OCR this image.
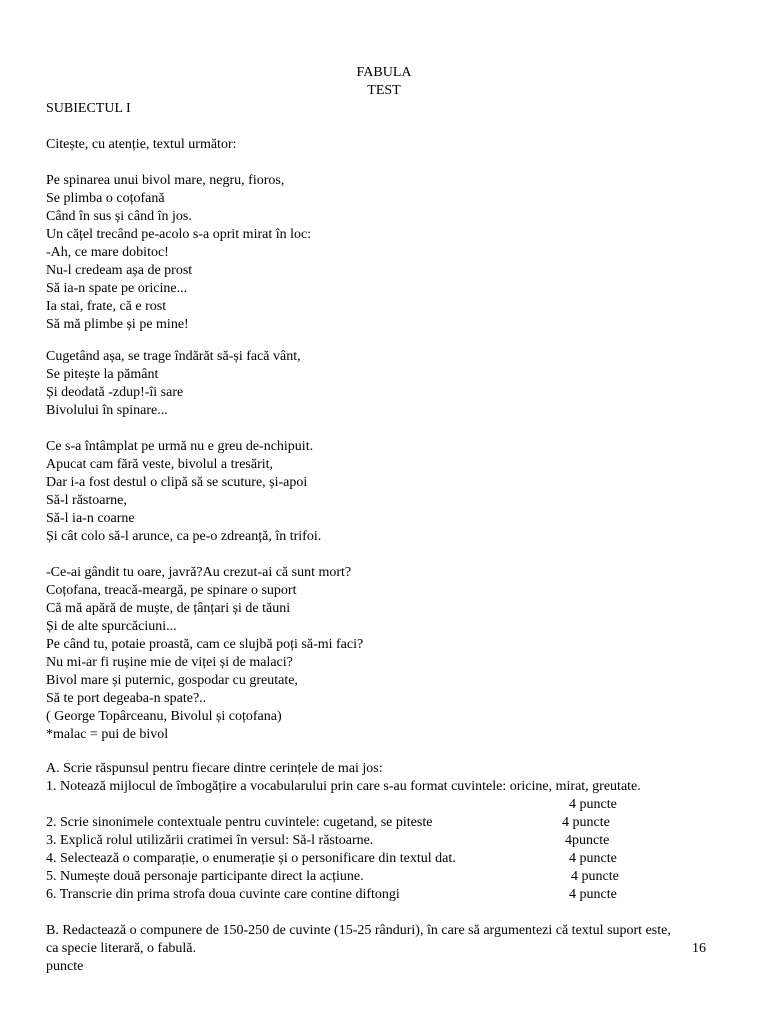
FABULA
TEST
SUBIECTUL I
Citește, cu atenție, textul următor:
Pe spinarea unui bivol mare, negru, fioros,
Se plimba o coțofană
Când în sus și când în jos.
Un cățel trecând pe-acolo s-a oprit mirat în loc:
-Ah, ce mare dobitoc!
Nu-l credeam așa de prost
Să ia-n spate pe oricine...
Ia stai, frate, că e rost
Să mă plimbe și pe mine!
Cugetând așa, se trage îndărăt să-și facă vânt,
Se pitește la pământ
Și deodată -zdup!-îi sare
Bivolului în spinare...
Ce s-a întâmplat pe urmă nu e greu de-nchipuit.
Apucat cam fără veste, bivolul a tresărit,
Dar i-a fost destul o clipă să se scuture, și-apoi
Să-l răstoarne,
Să-l ia-n coarne
Și cât colo să-l arunce, ca pe-o zdreanță, în trifoi.
-Ce-ai gândit tu oare, javră?Au crezut-ai că sunt mort?
Coțofana, treacă-meargă, pe spinare o suport
Că mă apără de muște, de țânțari și de tăuni
Și de alte spurcăciuni...
Pe când tu, potaie proastă, cam ce slujbă poți să-mi faci?
Nu mi-ar fi rușine mie de viței și de malaci?
Bivol mare și puternic, gospodar cu greutate,
Să te port degeaba-n spate?..
( George Topârceanu, Bivolul și coțofana)
*malac = pui de bivol
A. Scrie răspunsul pentru fiecare dintre cerințele de mai jos:
1. Notează mijlocul de îmbogățire a vocabularului prin care s-au format cuvintele: oricine, mirat, greutate.
4 puncte
2. Scrie sinonimele contextuale pentru cuvintele: cugetand, se piteste	4 puncte
3. Explică rolul utilizării cratimei în versul: Să-l răstoarne.	4puncte
4. Selectează o comparație, o enumerație și o personificare din textul dat.	4 puncte
5. Numește două personaje participante direct la acțiune.	4 puncte
6. Transcrie din prima strofa doua cuvinte care contine diftongi	4 puncte
B. Redactează o compunere de 150-250 de cuvinte (15-25 rânduri), în care să argumentezi că textul suport este,
ca specie literară, o fabulă.
puncte
16
